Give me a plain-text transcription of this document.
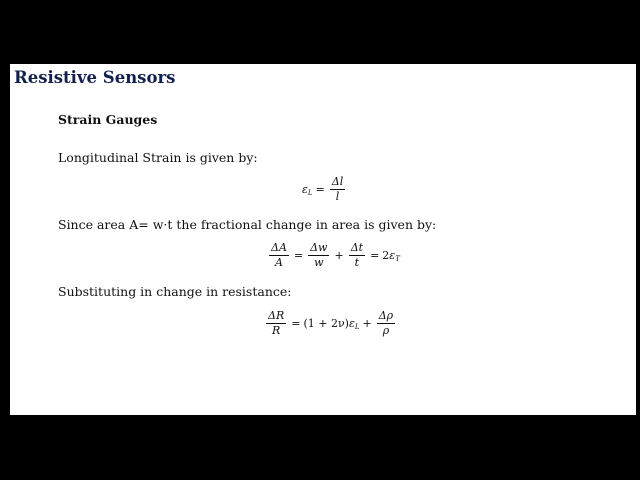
Resistive Sensors
Strain Gauges
Longitudinal Strain is given by:
$\varepsilon_L = \frac{\Delta l}{l}$
Since area A= w·t the fractional change in area is given by:
$\frac{\Delta A}{A} = \frac{\Delta w}{w} + \frac{\Delta t}{t} = 2\varepsilon_T$
Substituting in change in resistance:
$\frac{\Delta R}{R} = (1 + 2\nu) \varepsilon_L + \frac{\Delta\rho}{\rho}$
